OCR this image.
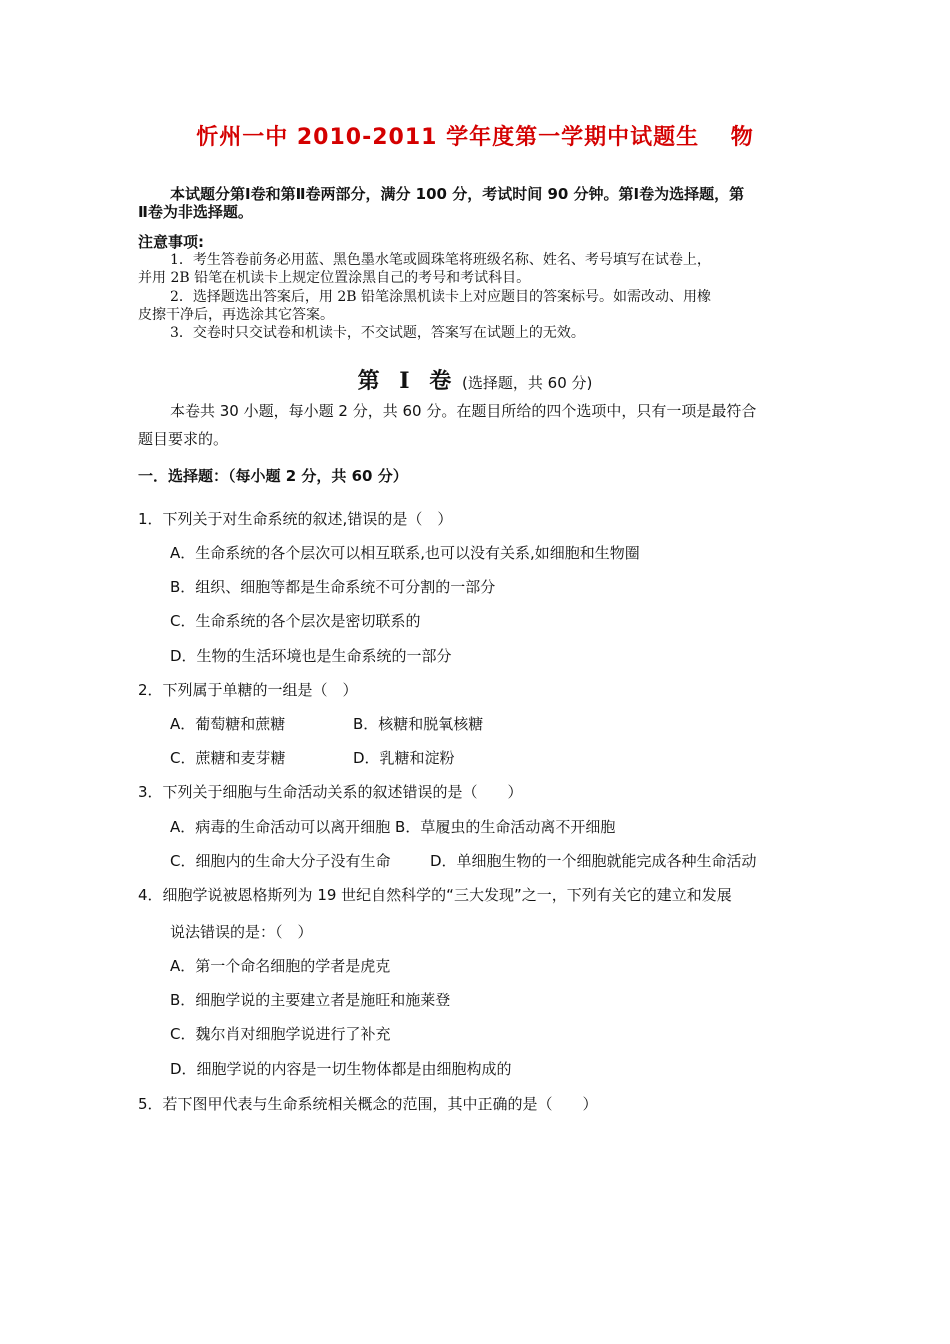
忻州一中 2010-2011 学年度第一学期中试题生　 物
本试题分第Ⅰ卷和第Ⅱ卷两部分，满分 100 分，考试时间 90 分钟。第Ⅰ卷为选择题，第
Ⅱ卷为非选择题。
注意事项:
1．考生答卷前务必用蓝、黑色墨水笔或圆珠笔将班级名称、姓名、考号填写在试卷上，
并用 2B 铅笔在机读卡上规定位置涂黑自己的考号和考试科目。
2．选择题选出答案后，用 2B 铅笔涂黑机读卡上对应题目的答案标号。如需改动、用橡
皮擦干净后，再选涂其它答案。
3．交卷时只交试卷和机读卡，不交试题，答案写在试题上的无效。
第 Ⅰ 卷 (选择题，共 60 分)
本卷共 30 小题，每小题 2 分，共 60 分。在题目所给的四个选项中，只有一项是最符合
题目要求的。
一．选择题：（每小题 2 分，共 60 分）
1．下列关于对生命系统的叙述,错误的是（　）
A．生命系统的各个层次可以相互联系,也可以没有关系,如细胞和生物圈
B．组织、细胞等都是生命系统不可分割的一部分
C．生命系统的各个层次是密切联系的
D．生物的生活环境也是生命系统的一部分
2．下列属于单糖的一组是（　）
A．葡萄糖和蔗糖	B．核糖和脱氧核糖
C．蔗糖和麦芽糖	D．乳糖和淀粉
3．下列关于细胞与生命活动关系的叙述错误的是（　　）
A．病毒的生命活动可以离开细胞 B．草履虫的生命活动离不开细胞
C．细胞内的生命大分子没有生命	D．单细胞生物的一个细胞就能完成各种生命活动
4．细胞学说被恩格斯列为 19 世纪自然科学的“三大发现”之一，下列有关它的建立和发展
说法错误的是：（　）
A．第一个命名细胞的学者是虎克
B．细胞学说的主要建立者是施旺和施莱登
C．魏尔肖对细胞学说进行了补充
D．细胞学说的内容是一切生物体都是由细胞构成的
5．若下图甲代表与生命系统相关概念的范围，其中正确的是（　　）
